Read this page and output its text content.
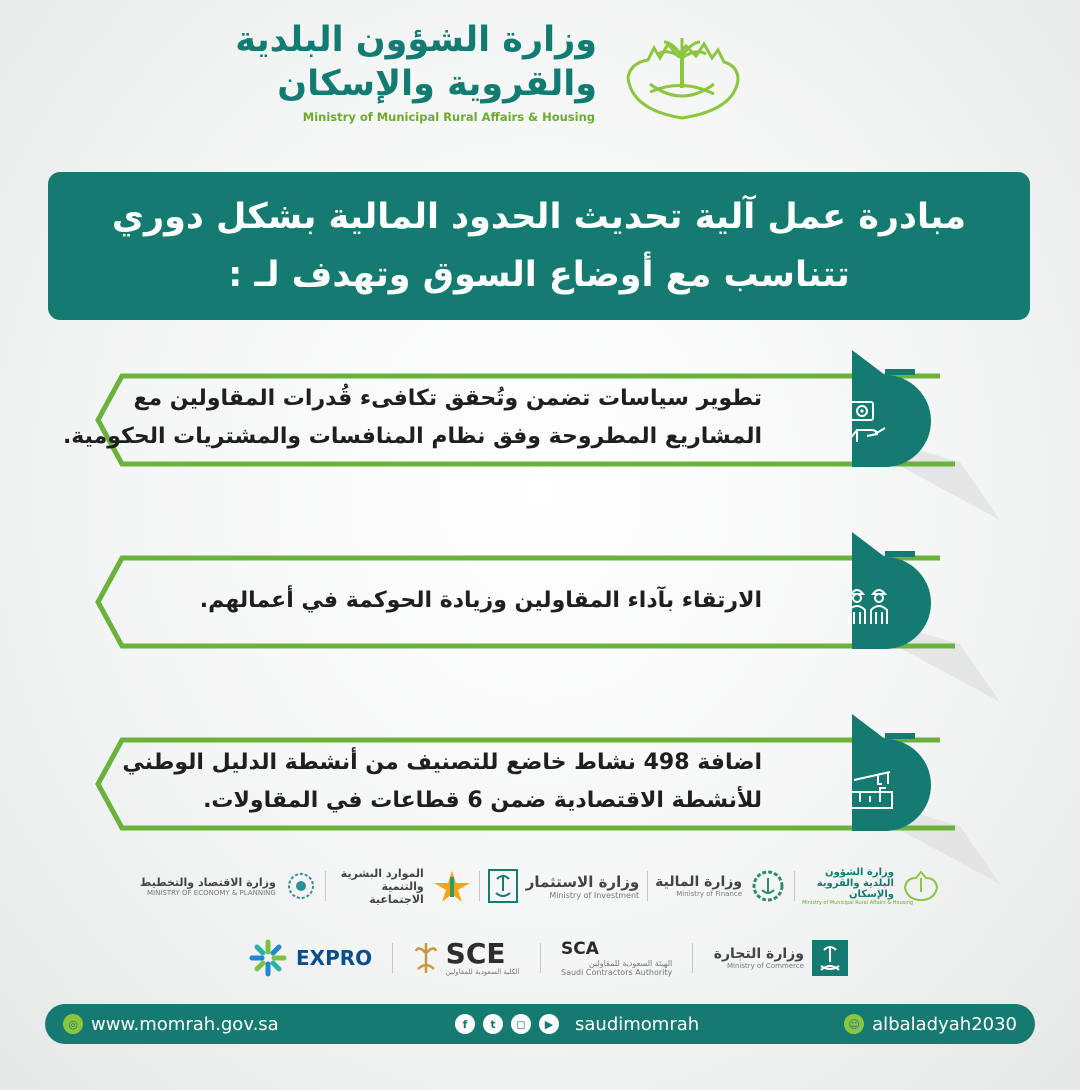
وزارة الشؤون البلدية
والقروية والإسكان
Ministry of Municipal Rural Affairs & Housing
مبادرة عمل آلية تحديث الحدود المالية بشكل دوري
تتناسب مع أوضاع السوق وتهدف لـ :
تطوير سياسات تضمن وتُحقق تكافىء قُدرات المقاولين مع
المشاريع المطروحة وفق نظام المنافسات والمشتريات الحكومية.
الارتقاء بآداء المقاولين وزيادة الحوكمة في أعمالهم.
اضافة 498 نشاط خاضع للتصنيف من أنشطة الدليل الوطني
للأنشطة الاقتصادية ضمن 6 قطاعات في المقاولات.
وزارة الاقتصاد والتخطيط
MINISTRY OF ECONOMY & PLANNING
الموارد البشرية والتنمية الاجتماعية
وزارة الاستثمار
Ministry of Investment
وزارة المالية
Ministry of Finance
وزارة الشؤون البلدية والقروية والإسكان
Ministry of Municipal Rural Affairs & Housing
EXPRO	SCE
الكلية السعودية للمقاولين
SCA
الهيئة السعودية للمقاولين
Saudi Contractors Authority
وزارة التجارة
Ministry of Commerce
◎ www.momrah.gov.sa	f	t	◻	▶	saudimomrah	☺ albaladyah2030
